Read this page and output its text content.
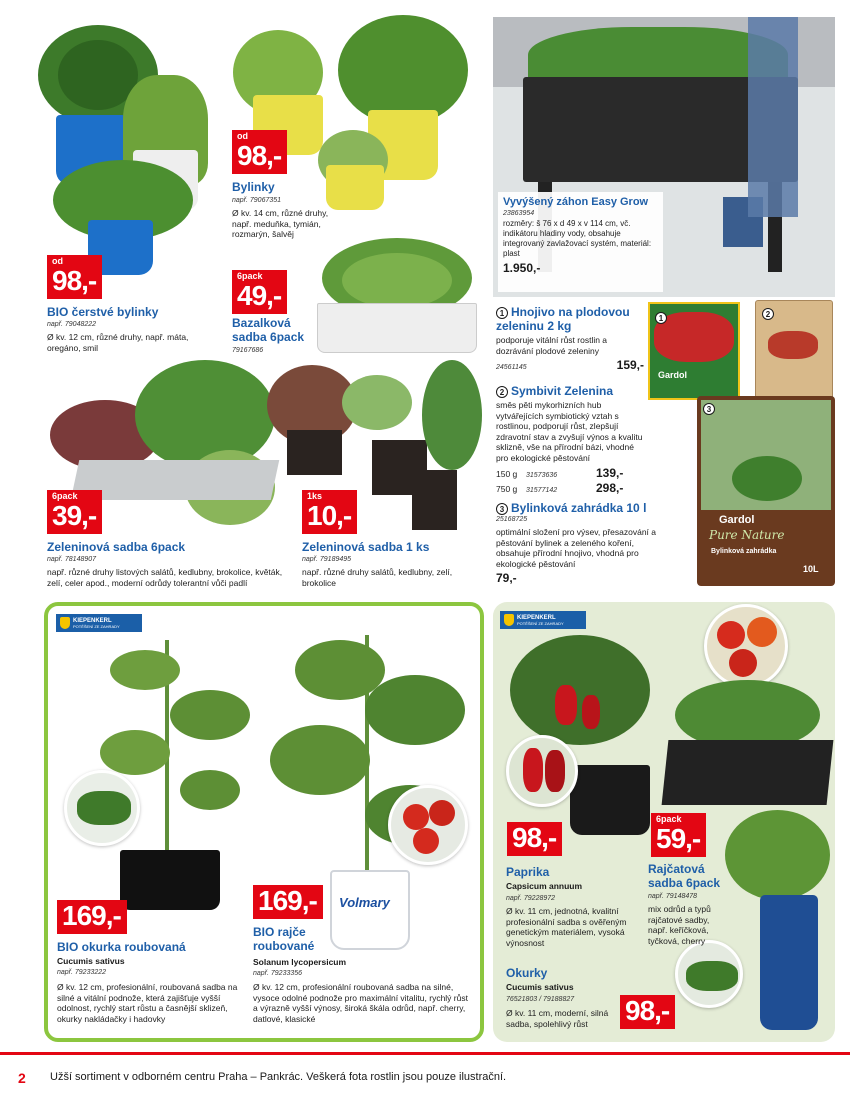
od
98,-
BIO čerstvé bylinky
např. 79048222
Ø kv. 12 cm, různé druhy, např. máta, oregáno, smil
od
98,-
Bylinky
např. 79067351
Ø kv. 14 cm, různé druhy, např. meduňka, tymián, rozmarýn, šalvěj
6pack
49,-
Bazalková sadba 6pack
79167686
Vyvýšený záhon Easy Grow
23863954
rozměry: š 76 x d 49 x v 114 cm, vč. indikátoru hladiny vody, obsahuje integrovaný zavlažovací systém, materiál: plast
1.950,-
1 Hnojivo na plodovou zeleninu 2 kg
podporuje vitální růst rostlin a dozrávání plodové zeleniny
24561145	159,-
2 Symbivit Zelenina
směs pěti mykorhizních hub vytvářejících symbiotický vztah s rostlinou, podporují růst, zlepšují zdravotní stav a zvyšují výnos a kvalitu sklizně, vše na přírodní bázi, vhodné pro ekologické pěstování
150 g	31573636	139,-
750 g	31577142	298,-
3 Bylinková zahrádka 10 l
25168725
optimální složení pro výsev, přesazování a pěstování bylinek a zeleného koření, obsahuje přírodní hnojivo, vhodná pro ekologické pěstování
79,-
Gardol
1	2
Gardol
Pure Nature
Bylinková zahrádka
10L
3
6pack
39,-
Zeleninová sadba 6pack
např. 78148907
např. různé druhy listových salátů, kedlubny, brokolice, květák, zelí, celer apod., moderní odrůdy tolerantní vůči padlí
1ks
10,-
Zeleninová sadba 1 ks
např. 79189495
např. různé druhy salátů, kedlubny, zelí, brokolice
KIEPENKERL
POTĚŠENÍ ZE ZAHRADY
Volmary
169,-
BIO okurka roubovaná
Cucumis sativus
např. 79233222
Ø kv. 12 cm, profesionální, roubovaná sadba na silné a vitální podnože, která zajišťuje vyšší odolnost, rychlý start růstu a časnější sklizeň, okurky nakládačky i hadovky
169,-
BIO rajče roubované
Solanum lycopersicum
např. 79233356
Ø kv. 12 cm, profesionální roubovaná sadba na silné, vysoce odolné podnože pro maximální vitalitu, rychlý růst a výrazně vyšší výnosy, široká škála odrůd, např. cherry, datlové, klasické
KIEPENKERL
POTĚŠENÍ ZE ZAHRADY
98,-
Paprika
Capsicum annuum
např. 79228972
Ø kv. 11 cm, jednotná, kvalitní profesionální sadba s ověřeným genetickým materiálem, vysoká výnosnost
6pack
59,-
Rajčatová sadba 6pack
např. 79148478
mix odrůd a typů rajčatové sadby, např. keříčková, tyčková, cherry
Okurky
Cucumis sativus
76521803 / 79188827
Ø kv. 11 cm, moderní, silná sadba, spolehlivý růst	98,-
2 Užší sortiment v odborném centru Praha – Pankrác. Veškerá fota rostlin jsou pouze ilustrační.
